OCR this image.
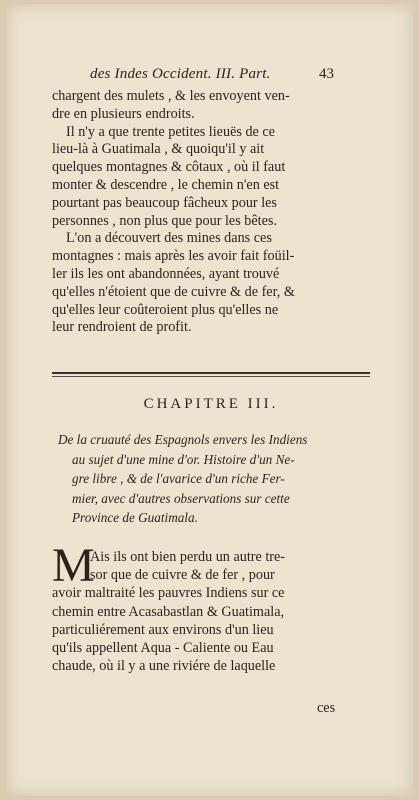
des Indes Occident. III. Part.	43

chargent des mulets , & les envoyent ven-
dre en plusieurs endroits.

Il n'y a que trente petites lieuës de ce
lieu-là à Guatimala , & quoiqu'il y ait
quelques montagnes & côtaux , où il faut
monter & descendre , le chemin n'en est
pourtant pas beaucoup fâcheux pour les
personnes , non plus que pour les bêtes.

L'on a découvert des mines dans ces
montagnes : mais après les avoir fait foüil-
ler ils les ont abandonnées, ayant trouvé
qu'elles n'étoient que de cuivre & de fer, &
qu'elles leur coûteroient plus qu'elles ne
leur rendroient de profit.

CHAPITRE III.
De la cruauté des Espagnols envers les Indiens
au sujet d'une mine d'or. Histoire d'un Ne-
gre libre , & de l'avarice d'un riche Fer-
mier, avec d'autres observations sur cette
Province de Guatimala.
M
Ais ils ont bien perdu un autre tre-
sor que de cuivre & de fer , pour
avoir maltraité les pauvres Indiens sur ce
chemin entre Acasabastlan & Guatimala,
particuliérement aux environs d'un lieu
qu'ils appellent Aqua - Caliente ou Eau
chaude, où il y a une riviére de laquelle
ces
